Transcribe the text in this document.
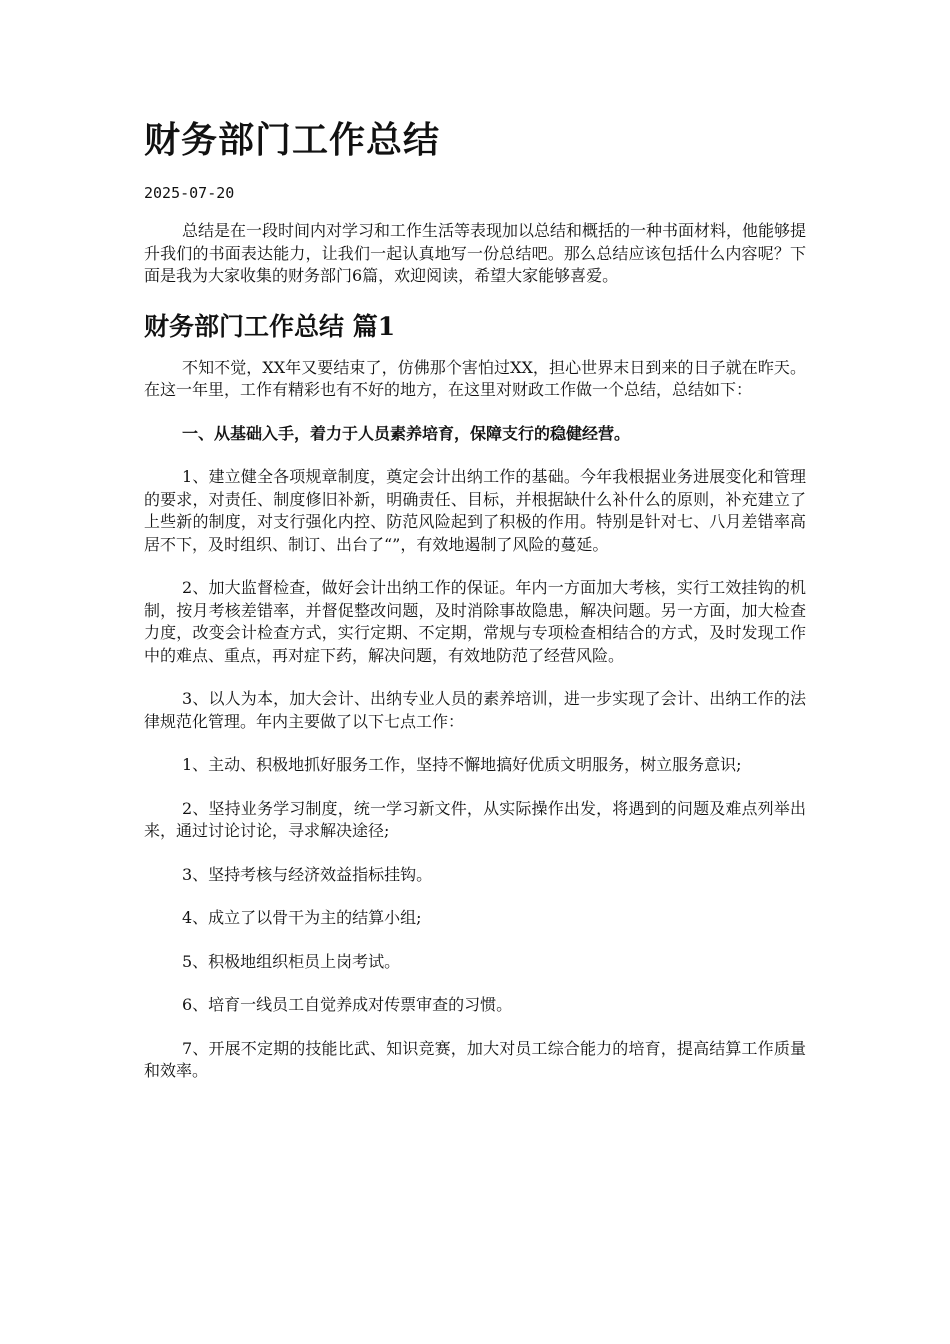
财务部门工作总结
2025-07-20

总结是在一段时间内对学习和工作生活等表现加以总结和概括的一种书面材料，他能够提升我们的书面表达能力，让我们一起认真地写一份总结吧。那么总结应该包括什么内容呢？下面是我为大家收集的财务部门6篇，欢迎阅读，希望大家能够喜爱。

财务部门工作总结 篇1

不知不觉，XX年又要结束了，仿佛那个害怕过XX，担心世界末日到来的日子就在昨天。在这一年里，工作有精彩也有不好的地方，在这里对财政工作做一个总结，总结如下：

一、从基础入手，着力于人员素养培育，保障支行的稳健经营。

1、建立健全各项规章制度，奠定会计出纳工作的基础。今年我根据业务进展变化和管理的要求，对责任、制度修旧补新，明确责任、目标，并根据缺什么补什么的原则，补充建立了上些新的制度，对支行强化内控、防范风险起到了积极的作用。特别是针对七、八月差错率高居不下，及时组织、制订、出台了“”，有效地遏制了风险的蔓延。

2、加大监督检查，做好会计出纳工作的保证。年内一方面加大考核，实行工效挂钩的机制，按月考核差错率，并督促整改问题，及时消除事故隐患，解决问题。另一方面，加大检查力度，改变会计检查方式，实行定期、不定期，常规与专项检查相结合的方式，及时发现工作中的难点、重点，再对症下药，解决问题，有效地防范了经营风险。

3、以人为本，加大会计、出纳专业人员的素养培训，进一步实现了会计、出纳工作的法律规范化管理。年内主要做了以下七点工作：

1、主动、积极地抓好服务工作，坚持不懈地搞好优质文明服务，树立服务意识;

2、坚持业务学习制度，统一学习新文件，从实际操作出发，将遇到的问题及难点列举出来，通过讨论讨论，寻求解决途径;

3、坚持考核与经济效益指标挂钩。

4、成立了以骨干为主的结算小组;

5、积极地组织柜员上岗考试。

6、培育一线员工自觉养成对传票审查的习惯。

7、开展不定期的技能比武、知识竞赛，加大对员工综合能力的培育，提高结算工作质量和效率。
